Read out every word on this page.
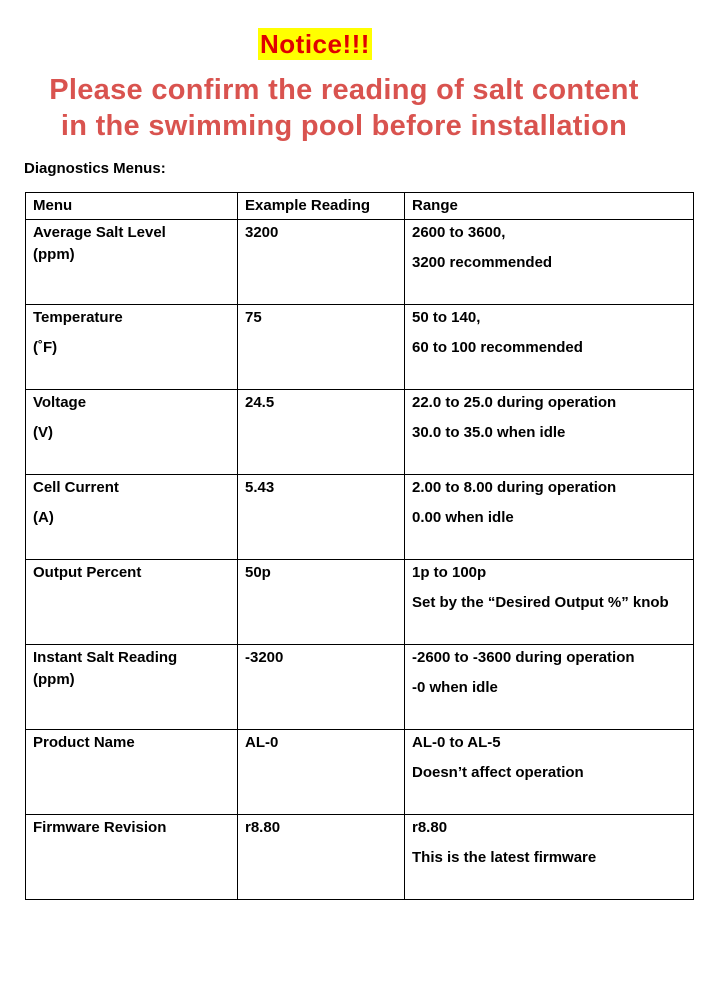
Notice!!!
Please confirm the reading of salt content
in the swimming pool before installation
Diagnostics Menus:
Menu	Example Reading	Range

Average Salt Level
(ppm)	3200	2600 to 3600,
3200 recommended

Temperature
(˚F)	75	50 to 140,
60 to 100 recommended

Voltage
(V)	24.5	22.0 to 25.0 during operation
30.0 to 35.0 when idle

Cell Current
(A)	5.43	2.00 to 8.00 during operation
0.00 when idle

Output Percent	50p	1p to 100p
Set by the “Desired Output %” knob

Instant Salt Reading
(ppm)	-3200	-2600 to -3600 during operation
-0 when idle

Product Name	AL-0	AL-0 to AL-5
Doesn’t affect operation

Firmware Revision	r8.80	r8.80
This is the latest firmware
